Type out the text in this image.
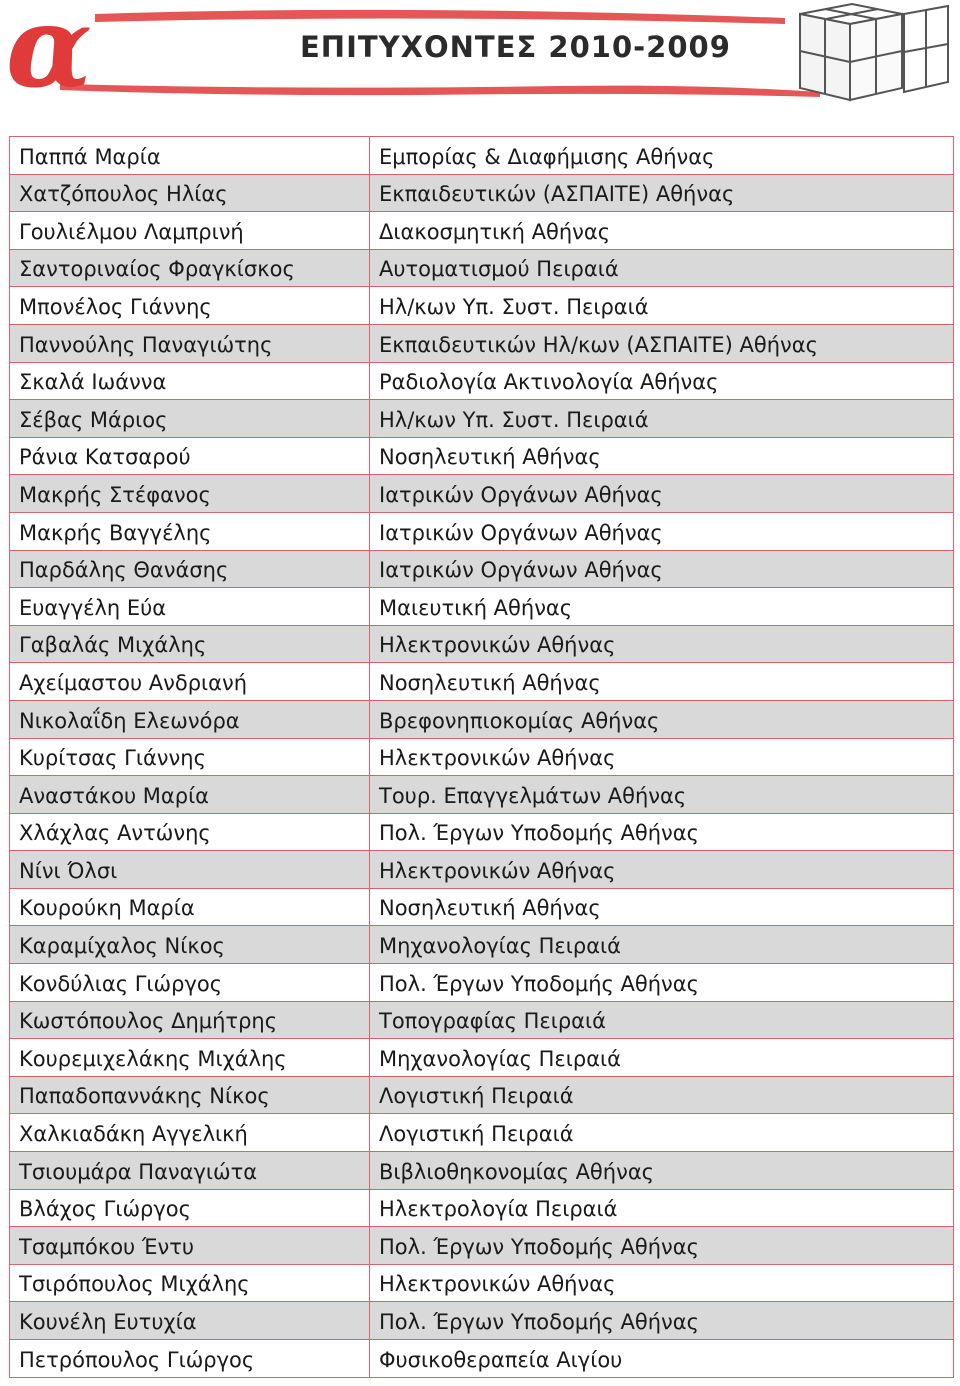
α	ΕΠΙΤΥΧΟΝΤΕΣ 2010-2009
Παππά Μαρία	Εμπορίας & Διαφήμισης Αθήνας
Χατζόπουλος Ηλίας	Εκπαιδευτικών (ΑΣΠΑΙΤΕ) Αθήνας
Γουλιέλμου Λαμπρινή	Διακοσμητική Αθήνας
Σαντοριναίος Φραγκίσκος	Αυτοματισμού Πειραιά
Μπονέλος Γιάννης	Ηλ/κων Υπ. Συστ. Πειραιά
Παννούλης Παναγιώτης	Εκπαιδευτικών Ηλ/κων (ΑΣΠΑΙΤΕ) Αθήνας
Σκαλά Ιωάννα	Ραδιολογία Ακτινολογία Αθήνας
Σέβας Μάριος	Ηλ/κων Υπ. Συστ. Πειραιά
Ράνια Κατσαρού	Νοσηλευτική Αθήνας
Μακρής Στέφανος	Ιατρικών Οργάνων Αθήνας
Μακρής Βαγγέλης	Ιατρικών Οργάνων Αθήνας
Παρδάλης Θανάσης	Ιατρικών Οργάνων Αθήνας
Ευαγγέλη Εύα	Μαιευτική Αθήνας
Γαβαλάς Μιχάλης	Ηλεκτρονικών Αθήνας
Αχείμαστου Ανδριανή	Νοσηλευτική Αθήνας
Νικολαΐδη Ελεωνόρα	Βρεφονηπιοκομίας Αθήνας
Κυρίτσας Γιάννης	Ηλεκτρονικών Αθήνας
Αναστάκου Μαρία	Τουρ. Επαγγελμάτων Αθήνας
Χλάχλας Αντώνης	Πολ. Έργων Υποδομής Αθήνας
Νίνι Όλσι	Ηλεκτρονικών Αθήνας
Κουρούκη Μαρία	Νοσηλευτική Αθήνας
Καραμίχαλος Νίκος	Μηχανολογίας Πειραιά
Κονδύλιας Γιώργος	Πολ. Έργων Υποδομής Αθήνας
Κωστόπουλος Δημήτρης	Τοπογραφίας Πειραιά
Κουρεμιχελάκης Μιχάλης	Μηχανολογίας Πειραιά
Παπαδοπαννάκης Νίκος	Λογιστική Πειραιά
Χαλκιαδάκη Αγγελική	Λογιστική Πειραιά
Τσιουμάρα Παναγιώτα	Βιβλιοθηκονομίας Αθήνας
Βλάχος Γιώργος	Ηλεκτρολογία Πειραιά
Τσαμπόκου Έντυ	Πολ. Έργων Υποδομής Αθήνας
Τσιρόπουλος Μιχάλης	Ηλεκτρονικών Αθήνας
Κουνέλη Ευτυχία	Πολ. Έργων Υποδομής Αθήνας
Πετρόπουλος Γιώργος	Φυσικοθεραπεία Αιγίου
